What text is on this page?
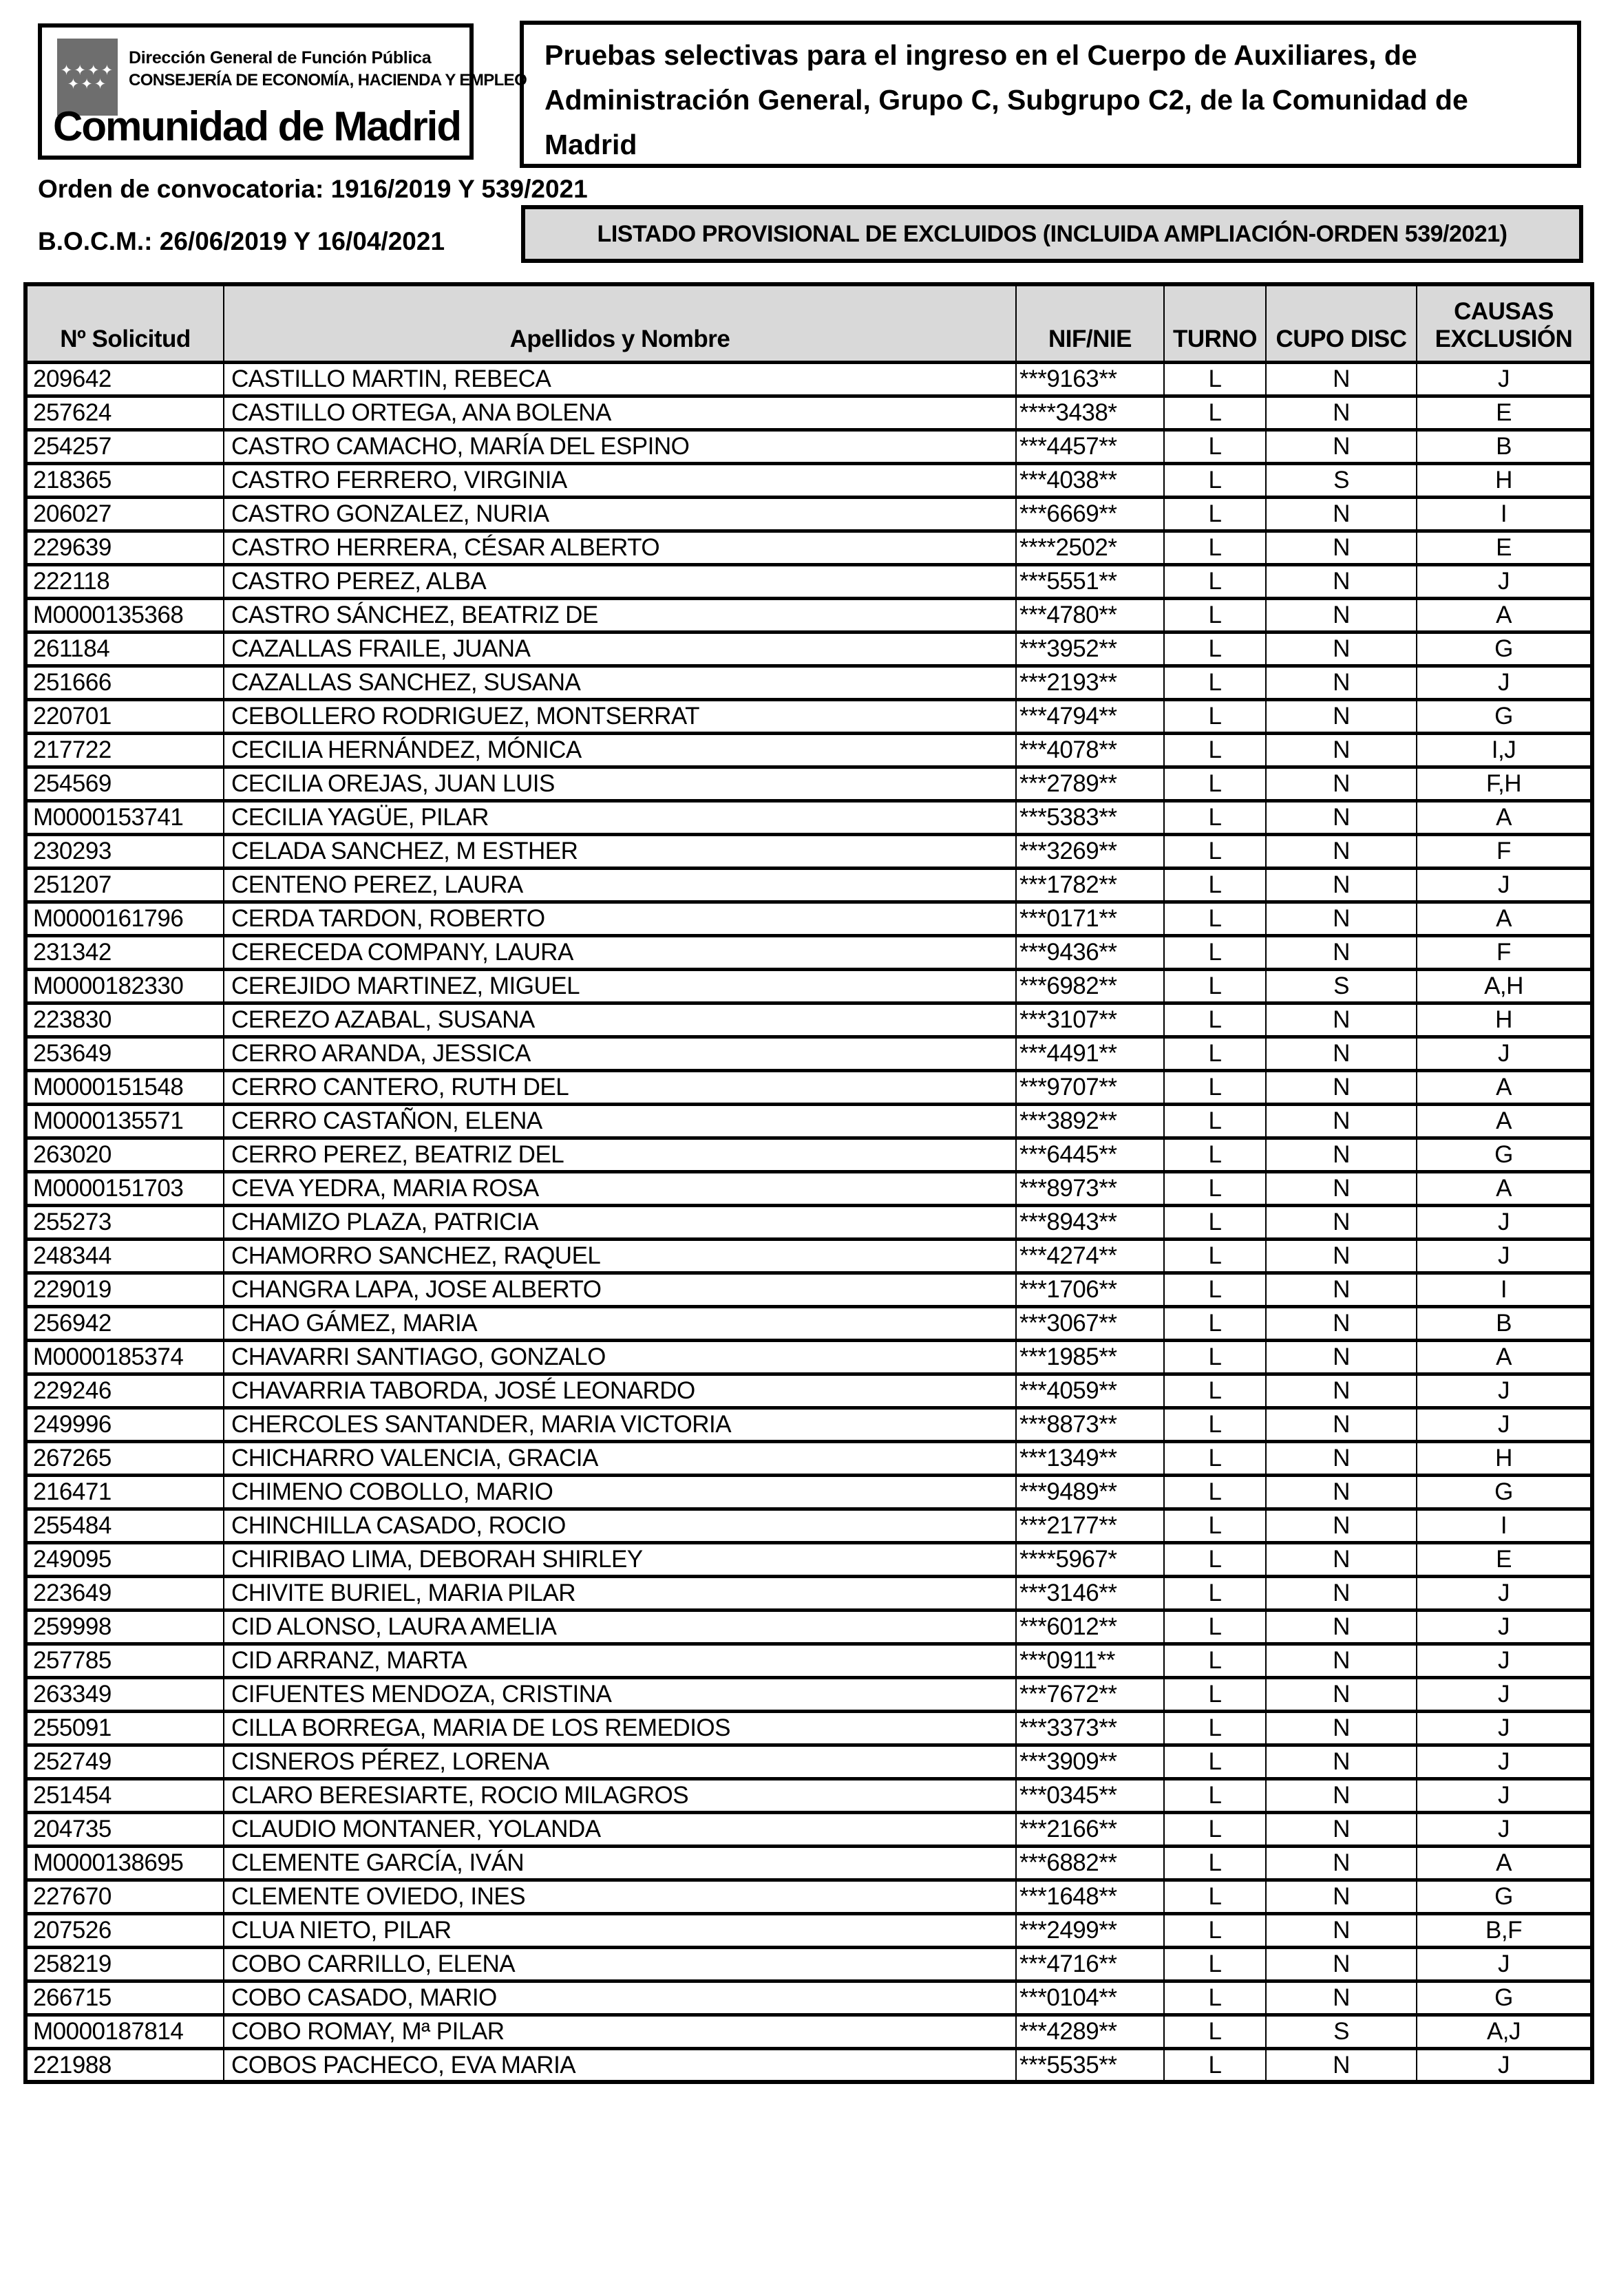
✦✦✦✦
✦✦✦
Dirección General de Función Pública
CONSEJERÍA DE ECONOMÍA, HACIENDA Y EMPLEO
Comunidad de Madrid
Pruebas selectivas para el ingreso en el Cuerpo de Auxiliares, de Administración General, Grupo C, Subgrupo C2, de la Comunidad de Madrid
Orden de convocatoria: 1916/2019 Y 539/2021
B.O.C.M.: 26/06/2019 Y 16/04/2021	LISTADO PROVISIONAL DE EXCLUIDOS (INCLUIDA AMPLIACIÓN-ORDEN 539/2021)
Nº Solicitud	Apellidos y Nombre	NIF/NIE	TURNO	CUPO DISC	CAUSAS EXCLUSIÓN
209642	CASTILLO MARTIN, REBECA	***9163**	L	N	J
257624	CASTILLO ORTEGA, ANA BOLENA	****3438*	L	N	E
254257	CASTRO CAMACHO, MARÍA DEL ESPINO	***4457**	L	N	B
218365	CASTRO FERRERO, VIRGINIA	***4038**	L	S	H
206027	CASTRO GONZALEZ, NURIA	***6669**	L	N	I
229639	CASTRO HERRERA, CÉSAR ALBERTO	****2502*	L	N	E
222118	CASTRO PEREZ, ALBA	***5551**	L	N	J
M0000135368	CASTRO SÁNCHEZ, BEATRIZ DE	***4780**	L	N	A
261184	CAZALLAS FRAILE, JUANA	***3952**	L	N	G
251666	CAZALLAS SANCHEZ, SUSANA	***2193**	L	N	J
220701	CEBOLLERO RODRIGUEZ, MONTSERRAT	***4794**	L	N	G
217722	CECILIA HERNÁNDEZ, MÓNICA	***4078**	L	N	I,J
254569	CECILIA OREJAS, JUAN LUIS	***2789**	L	N	F,H
M0000153741	CECILIA YAGÜE, PILAR	***5383**	L	N	A
230293	CELADA SANCHEZ, M ESTHER	***3269**	L	N	F
251207	CENTENO PEREZ, LAURA	***1782**	L	N	J
M0000161796	CERDA TARDON, ROBERTO	***0171**	L	N	A
231342	CERECEDA COMPANY, LAURA	***9436**	L	N	F
M0000182330	CEREJIDO MARTINEZ, MIGUEL	***6982**	L	S	A,H
223830	CEREZO AZABAL, SUSANA	***3107**	L	N	H
253649	CERRO ARANDA, JESSICA	***4491**	L	N	J
M0000151548	CERRO CANTERO, RUTH DEL	***9707**	L	N	A
M0000135571	CERRO CASTAÑON, ELENA	***3892**	L	N	A
263020	CERRO PEREZ, BEATRIZ DEL	***6445**	L	N	G
M0000151703	CEVA YEDRA, MARIA ROSA	***8973**	L	N	A
255273	CHAMIZO PLAZA, PATRICIA	***8943**	L	N	J
248344	CHAMORRO SANCHEZ, RAQUEL	***4274**	L	N	J
229019	CHANGRA LAPA, JOSE ALBERTO	***1706**	L	N	I
256942	CHAO GÁMEZ, MARIA	***3067**	L	N	B
M0000185374	CHAVARRI SANTIAGO, GONZALO	***1985**	L	N	A
229246	CHAVARRIA TABORDA, JOSÉ LEONARDO	***4059**	L	N	J
249996	CHERCOLES SANTANDER, MARIA VICTORIA	***8873**	L	N	J
267265	CHICHARRO VALENCIA, GRACIA	***1349**	L	N	H
216471	CHIMENO COBOLLO, MARIO	***9489**	L	N	G
255484	CHINCHILLA CASADO, ROCIO	***2177**	L	N	I
249095	CHIRIBAO LIMA, DEBORAH SHIRLEY	****5967*	L	N	E
223649	CHIVITE BURIEL, MARIA PILAR	***3146**	L	N	J
259998	CID ALONSO, LAURA AMELIA	***6012**	L	N	J
257785	CID ARRANZ, MARTA	***0911**	L	N	J
263349	CIFUENTES MENDOZA, CRISTINA	***7672**	L	N	J
255091	CILLA BORREGA, MARIA DE LOS REMEDIOS	***3373**	L	N	J
252749	CISNEROS PÉREZ, LORENA	***3909**	L	N	J
251454	CLARO BERESIARTE, ROCIO MILAGROS	***0345**	L	N	J
204735	CLAUDIO MONTANER, YOLANDA	***2166**	L	N	J
M0000138695	CLEMENTE GARCÍA, IVÁN	***6882**	L	N	A
227670	CLEMENTE OVIEDO, INES	***1648**	L	N	G
207526	CLUA NIETO, PILAR	***2499**	L	N	B,F
258219	COBO CARRILLO, ELENA	***4716**	L	N	J
266715	COBO CASADO, MARIO	***0104**	L	N	G
M0000187814	COBO ROMAY, Mª PILAR	***4289**	L	S	A,J
221988	COBOS PACHECO, EVA MARIA	***5535**	L	N	J
